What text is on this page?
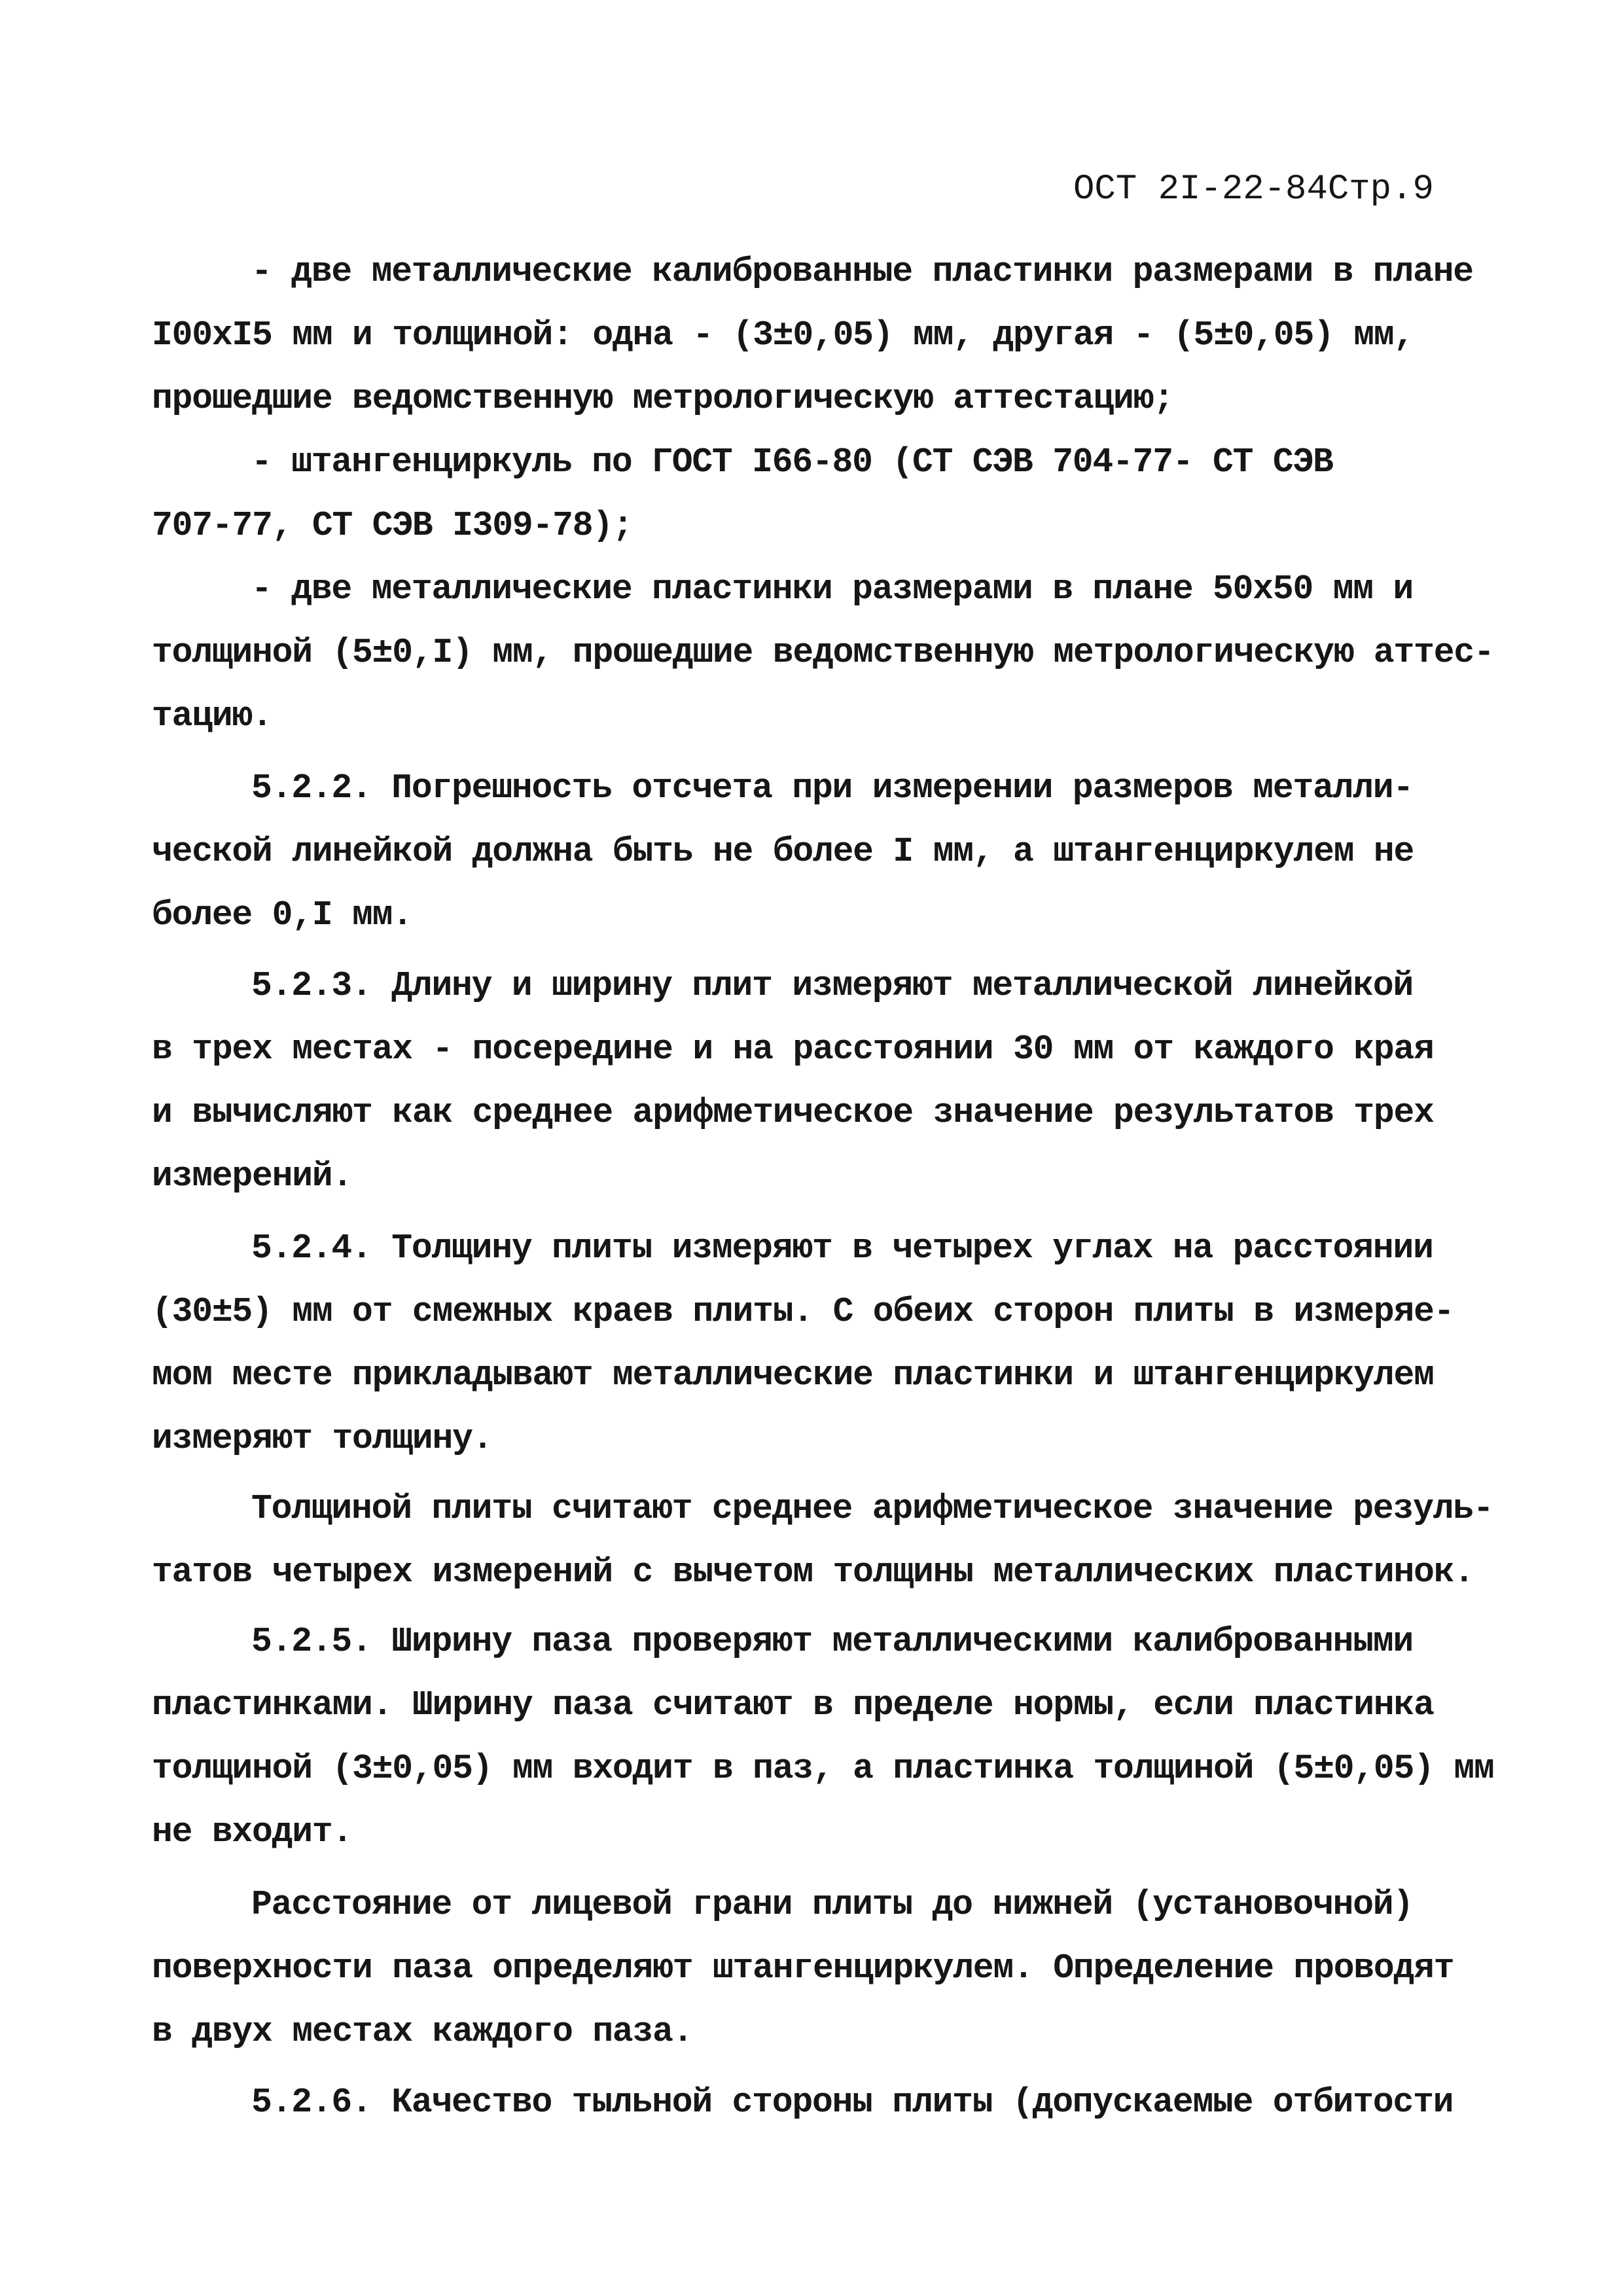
ОСТ 2I-22-84Стр.9
- две металлические калиброванные пластинки размерами в плане
I00xI5 мм и толщиной: одна - (3±0,05) мм, другая - (5±0,05) мм,
прошедшие ведомственную метрологическую аттестацию;
- штангенциркуль по ГОСТ I66-80 (СТ СЭВ 704-77- СТ СЭВ
707-77, СТ СЭВ I309-78);
- две металлические пластинки размерами в плане 50x50 мм и
толщиной (5±0,I) мм, прошедшие ведомственную метрологическую аттес-
тацию.
5.2.2. Погрешность отсчета при измерении размеров металли-
ческой линейкой должна быть не более I мм, а штангенциркулем не
более 0,I мм.
5.2.3. Длину и ширину плит измеряют металлической линейкой
в трех местах - посередине и на расстоянии 30 мм от каждого края
и вычисляют как среднее арифметическое значение результатов трех
измерений.
5.2.4. Толщину плиты измеряют в четырех углах на расстоянии
(30±5) мм от смежных краев плиты. С обеих сторон плиты в измеряе-
мом месте прикладывают металлические пластинки и штангенциркулем
измеряют толщину.
Толщиной плиты считают среднее арифметическое значение резуль-
татов четырех измерений с вычетом толщины металлических пластинок.
5.2.5. Ширину паза проверяют металлическими калиброванными
пластинками. Ширину паза считают в пределе нормы, если пластинка
толщиной (3±0,05) мм входит в паз, а пластинка толщиной (5±0,05) мм
не входит.
Расстояние от лицевой грани плиты до нижней (установочной)
поверхности паза определяют штангенциркулем. Определение проводят
в двух местах каждого паза.
5.2.6. Качество тыльной стороны плиты (допускаемые отбитости
